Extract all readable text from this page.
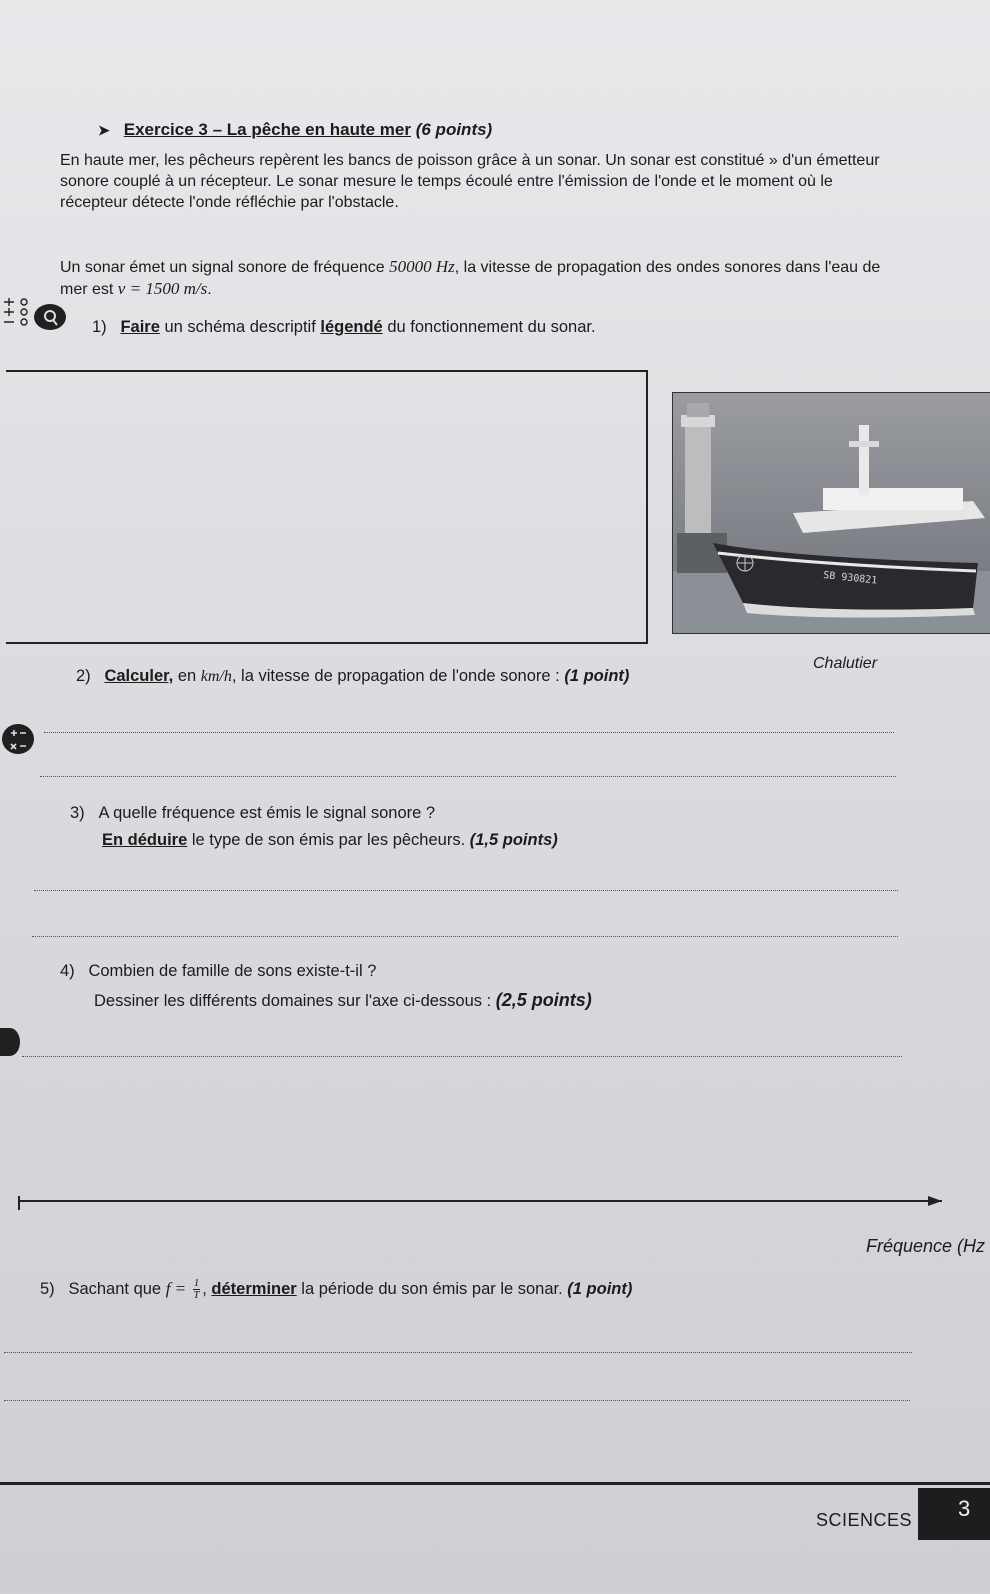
➤ Exercice 3 – La pêche en haute mer (6 points)
En haute mer, les pêcheurs repèrent les bancs de poisson grâce à un sonar. Un sonar est constitué » d'un émetteur sonore couplé à un récepteur. Le sonar mesure le temps écoulé entre l'émission de l'onde et le moment où le récepteur détecte l'onde réfléchie par l'obstacle.
Un sonar émet un signal sonore de fréquence 50000 Hz, la vitesse de propagation des ondes sonores dans l'eau de mer est v = 1500 m/s.
1) Faire un schéma descriptif légendé du fonctionnement du sonar.
SB 930821
Chalutier
2) Calculer, en km/h, la vitesse de propagation de l'onde sonore : (1 point)
3) A quelle fréquence est émis le signal sonore ?
En déduire le type de son émis par les pêcheurs. (1,5 points)
4) Combien de famille de sons existe-t-il ?
Dessiner les différents domaines sur l'axe ci-dessous : (2,5 points)
Fréquence (Hz
5) Sachant que $f = \frac{1}{T}$ , déterminer la période du son émis par le sonar. (1 point)
SCIENCES 3
